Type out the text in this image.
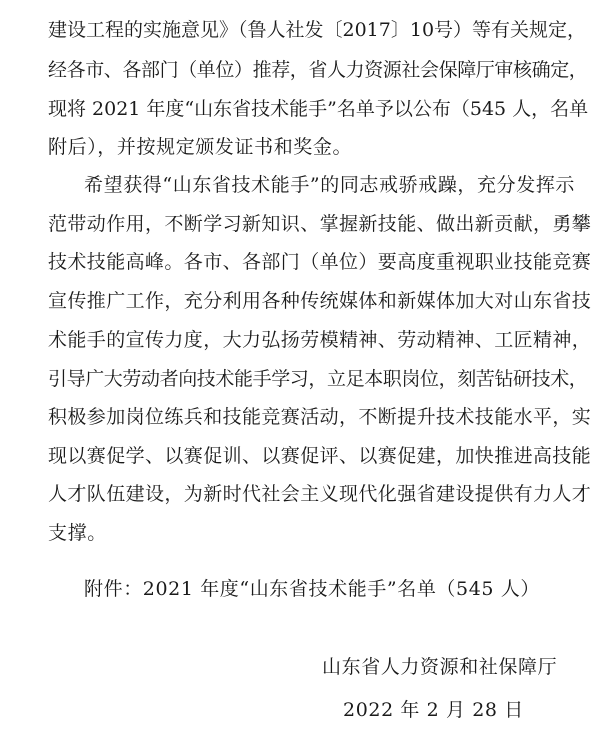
建设工程的实施意见》（鲁人社发〔2017〕10号）等有关规定，
经各市、各部门（单位）推荐，省人力资源社会保障厅审核确定，
现将 2021 年度“山东省技术能手”名单予以公布（545 人，名单
附后），并按规定颁发证书和奖金。
希望获得“山东省技术能手”的同志戒骄戒躁，充分发挥示
范带动作用，不断学习新知识、掌握新技能、做出新贡献，勇攀
技术技能高峰。各市、各部门（单位）要高度重视职业技能竞赛
宣传推广工作，充分利用各种传统媒体和新媒体加大对山东省技
术能手的宣传力度，大力弘扬劳模精神、劳动精神、工匠精神，
引导广大劳动者向技术能手学习，立足本职岗位，刻苦钻研技术，
积极参加岗位练兵和技能竞赛活动，不断提升技术技能水平，实
现以赛促学、以赛促训、以赛促评、以赛促建，加快推进高技能
人才队伍建设，为新时代社会主义现代化强省建设提供有力人才
支撑。
附件：2021 年度“山东省技术能手”名单（545 人）
山东省人力资源和社保障厅
2022 年 2 月 28 日
